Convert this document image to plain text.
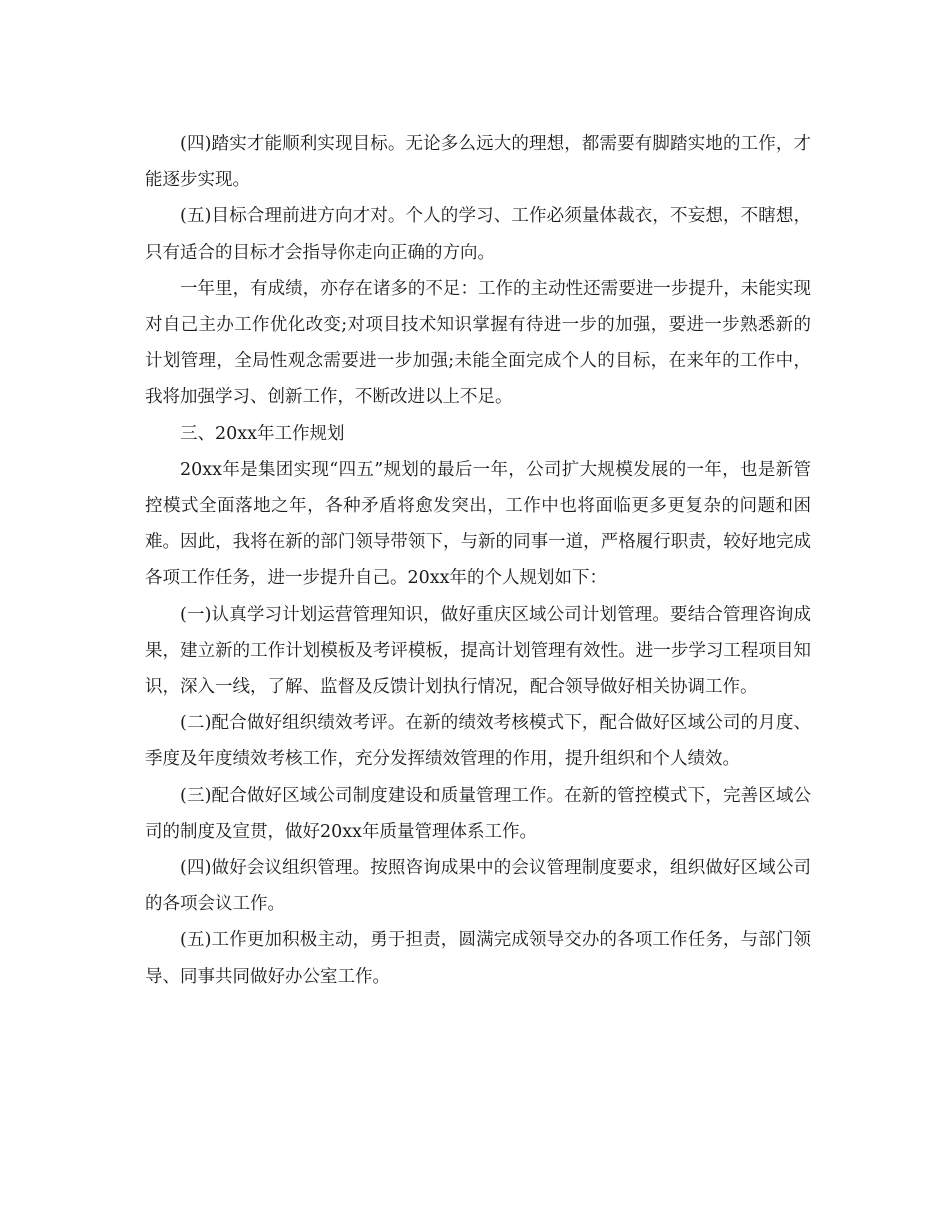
(四)踏实才能顺利实现目标。无论多么远大的理想，都需要有脚踏实地的工作，才能逐步实现。

(五)目标合理前进方向才对。个人的学习、工作必须量体裁衣，不妄想，不瞎想，只有适合的目标才会指导你走向正确的方向。

一年里，有成绩，亦存在诸多的不足：工作的主动性还需要进一步提升，未能实现对自己主办工作优化改变;对项目技术知识掌握有待进一步的加强，要进一步熟悉新的计划管理，全局性观念需要进一步加强;未能全面完成个人的目标，在来年的工作中，我将加强学习、创新工作，不断改进以上不足。

三、20xx年工作规划

20xx年是集团实现“四五”规划的最后一年，公司扩大规模发展的一年，也是新管控模式全面落地之年，各种矛盾将愈发突出，工作中也将面临更多更复杂的问题和困难。因此，我将在新的部门领导带领下，与新的同事一道，严格履行职责，较好地完成各项工作任务，进一步提升自己。20xx年的个人规划如下：

(一)认真学习计划运营管理知识，做好重庆区域公司计划管理。要结合管理咨询成果，建立新的工作计划模板及考评模板，提高计划管理有效性。进一步学习工程项目知识，深入一线，了解、监督及反馈计划执行情况，配合领导做好相关协调工作。

(二)配合做好组织绩效考评。在新的绩效考核模式下，配合做好区域公司的月度、季度及年度绩效考核工作，充分发挥绩效管理的作用，提升组织和个人绩效。

(三)配合做好区域公司制度建设和质量管理工作。在新的管控模式下，完善区域公司的制度及宣贯，做好20xx年质量管理体系工作。

(四)做好会议组织管理。按照咨询成果中的会议管理制度要求，组织做好区域公司的各项会议工作。

(五)工作更加积极主动，勇于担责，圆满完成领导交办的各项工作任务，与部门领导、同事共同做好办公室工作。
